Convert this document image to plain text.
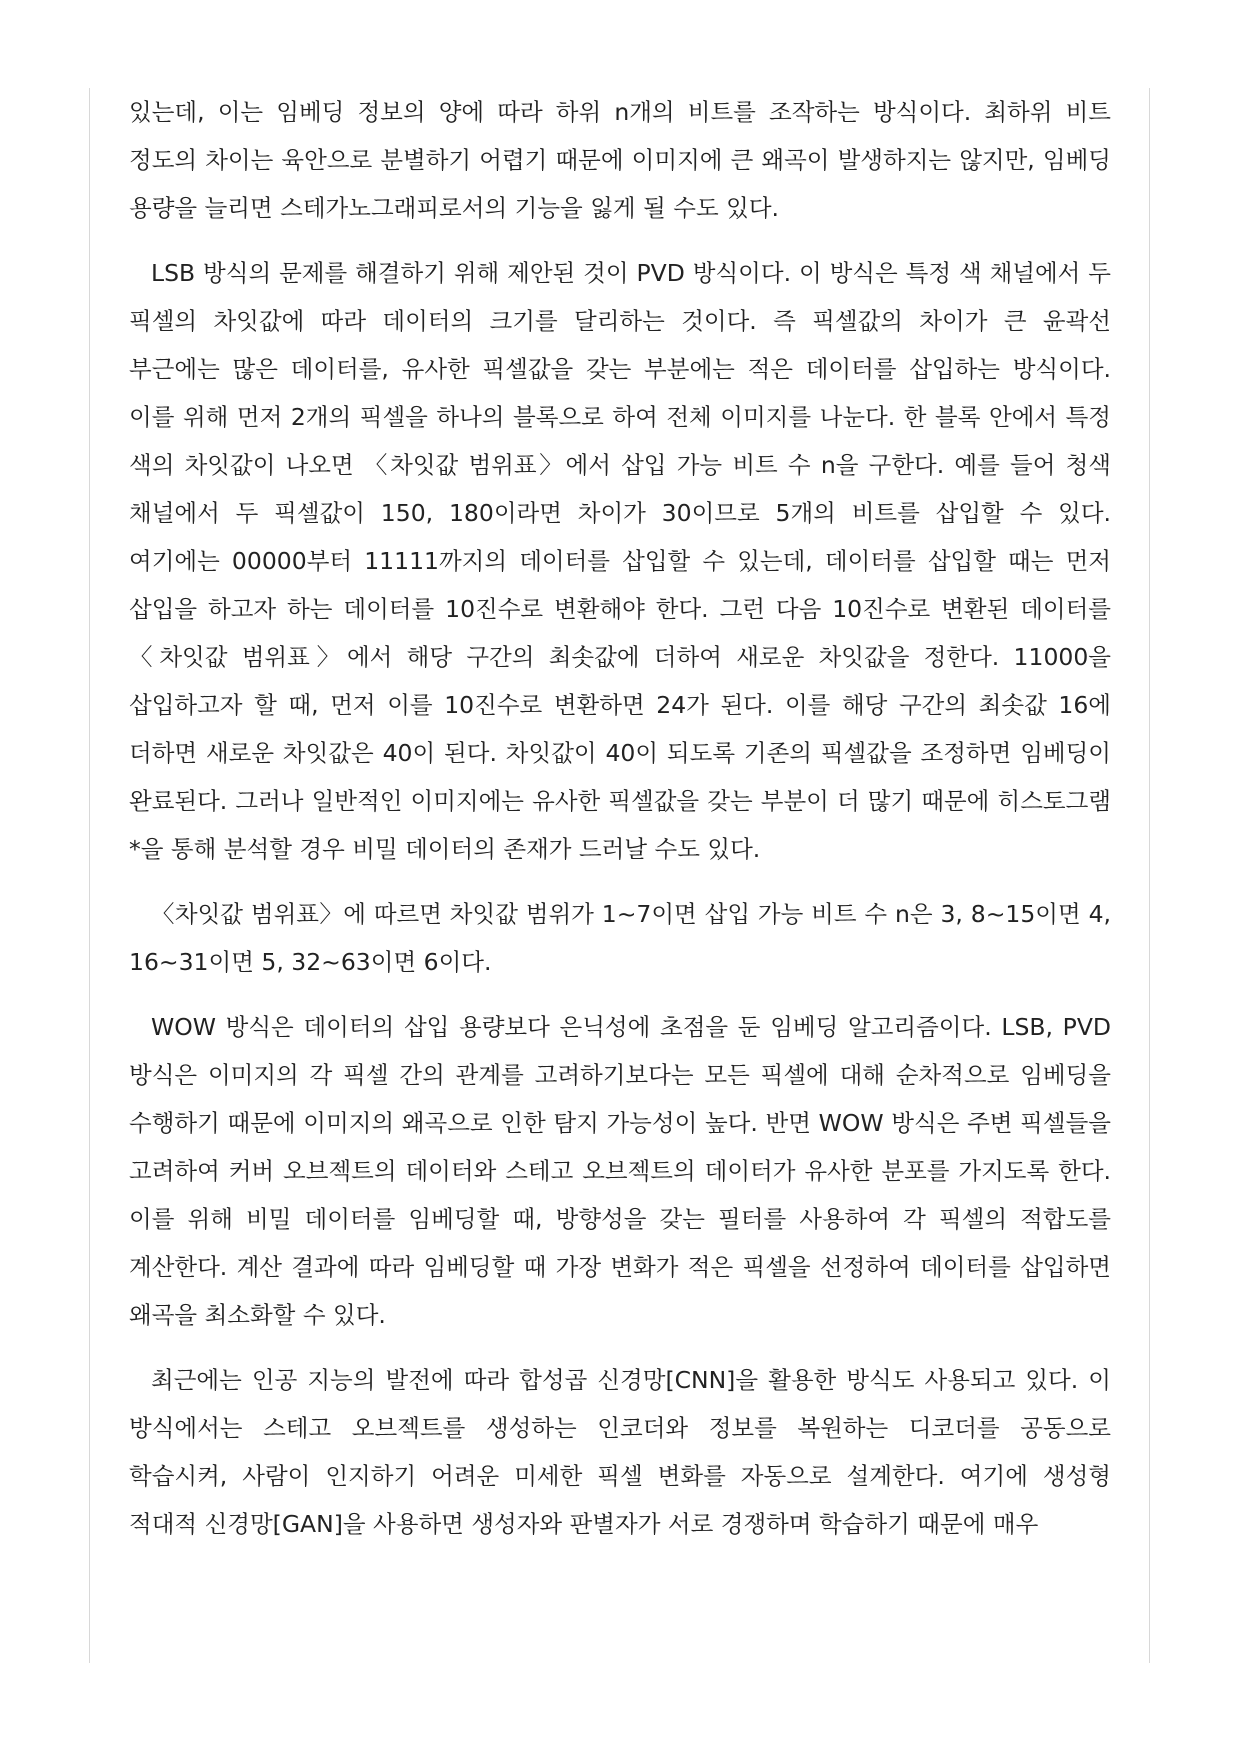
있는데, 이는 임베딩 정보의 양에 따라 하위 n개의 비트를 조작하는 방식이다. 최하위 비트 정도의 차이는 육안으로 분별하기 어렵기 때문에 이미지에 큰 왜곡이 발생하지는 않지만, 임베딩 용량을 늘리면 스테가노그래피로서의 기능을 잃게 될 수도 있다.

LSB 방식의 문제를 해결하기 위해 제안된 것이 PVD 방식이다. 이 방식은 특정 색 채널에서 두 픽셀의 차잇값에 따라 데이터의 크기를 달리하는 것이다. 즉 픽셀값의 차이가 큰 윤곽선 부근에는 많은 데이터를, 유사한 픽셀값을 갖는 부분에는 적은 데이터를 삽입하는 방식이다. 이를 위해 먼저 2개의 픽셀을 하나의 블록으로 하여 전체 이미지를 나눈다. 한 블록 안에서 특정 색의 차잇값이 나오면 〈차잇값 범위표〉에서 삽입 가능 비트 수 n을 구한다. 예를 들어 청색 채널에서 두 픽셀값이 150, 180이라면 차이가 30이므로 5개의 비트를 삽입할 수 있다. 여기에는 00000부터 11111까지의 데이터를 삽입할 수 있는데, 데이터를 삽입할 때는 먼저 삽입을 하고자 하는 데이터를 10진수로 변환해야 한다. 그런 다음 10진수로 변환된 데이터를 〈차잇값 범위표〉에서 해당 구간의 최솟값에 더하여 새로운 차잇값을 정한다. 11000을 삽입하고자 할 때, 먼저 이를 10진수로 변환하면 24가 된다. 이를 해당 구간의 최솟값 16에 더하면 새로운 차잇값은 40이 된다. 차잇값이 40이 되도록 기존의 픽셀값을 조정하면 임베딩이 완료된다. 그러나 일반적인 이미지에는 유사한 픽셀값을 갖는 부분이 더 많기 때문에 히스토그램*을 통해 분석할 경우 비밀 데이터의 존재가 드러날 수도 있다.

〈차잇값 범위표〉에 따르면 차잇값 범위가 1~7이면 삽입 가능 비트 수 n은 3, 8~15이면 4, 16~31이면 5, 32~63이면 6이다.

WOW 방식은 데이터의 삽입 용량보다 은닉성에 초점을 둔 임베딩 알고리즘이다. LSB, PVD 방식은 이미지의 각 픽셀 간의 관계를 고려하기보다는 모든 픽셀에 대해 순차적으로 임베딩을 수행하기 때문에 이미지의 왜곡으로 인한 탐지 가능성이 높다. 반면 WOW 방식은 주변 픽셀들을 고려하여 커버 오브젝트의 데이터와 스테고 오브젝트의 데이터가 유사한 분포를 가지도록 한다. 이를 위해 비밀 데이터를 임베딩할 때, 방향성을 갖는 필터를 사용하여 각 픽셀의 적합도를 계산한다. 계산 결과에 따라 임베딩할 때 가장 변화가 적은 픽셀을 선정하여 데이터를 삽입하면 왜곡을 최소화할 수 있다.

최근에는 인공 지능의 발전에 따라 합성곱 신경망[CNN]을 활용한 방식도 사용되고 있다. 이 방식에서는 스테고 오브젝트를 생성하는 인코더와 정보를 복원하는 디코더를 공동으로 학습시켜, 사람이 인지하기 어려운 미세한 픽셀 변화를 자동으로 설계한다. 여기에 생성형 적대적 신경망[GAN]을 사용하면 생성자와 판별자가 서로 경쟁하며 학습하기 때문에 매우
